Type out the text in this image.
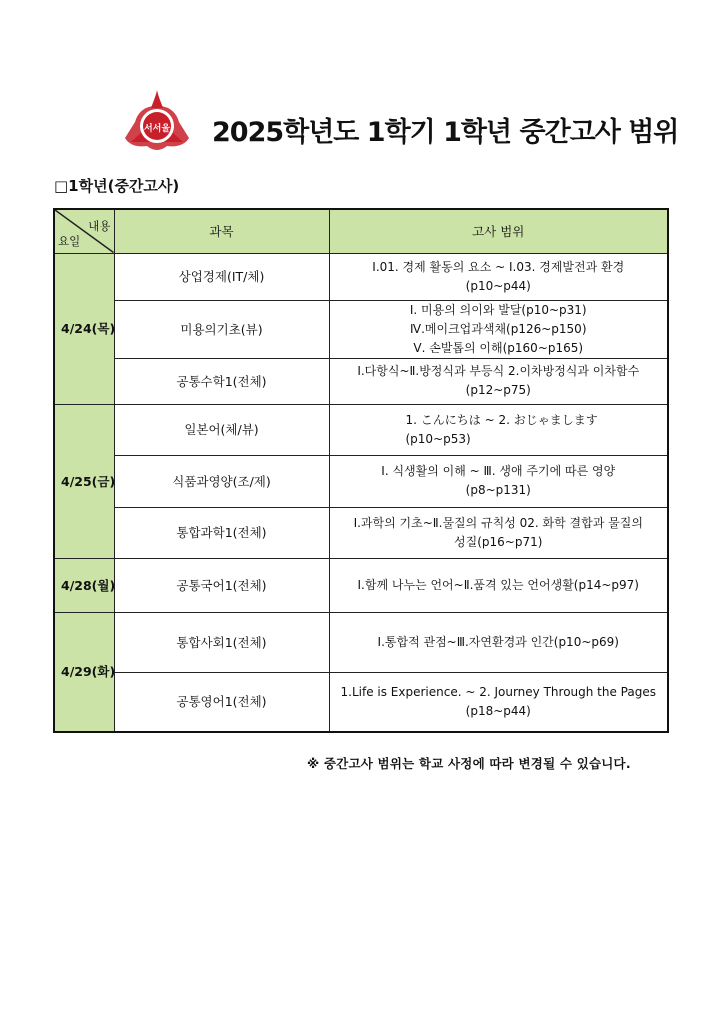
서서울 2025학년도 1학기 1학년 중간고사 범위
□1학년(중간고사)
내용
요일	과목	고사 범위
4/24(목)	상업경제(IT/체)	Ⅰ.01. 경제 활동의 요소 ~ Ⅰ.03. 경제발전과 환경
(p10~p44)

	미용의기초(뷰)	Ⅰ. 미용의 의이와 발달(p10~p31)
Ⅳ.메이크업과색채(p126~p150)
Ⅴ. 손발톱의 이해(p160~p165)

	공통수학1(전체)	Ⅰ.다항식~Ⅱ.방정식과 부등식 2.이차방정식과 이차함수
(p12~p75)

4/25(금)	일본어(체/뷰)	1. こんにちは ~ 2. おじゃまします (p10~p53)

	식품과영양(조/제)	Ⅰ. 식생활의 이해 ~ Ⅲ. 생애 주기에 따른 영양
(p8~p131)

	통합과학1(전체)	Ⅰ.과학의 기초~Ⅱ.물질의 규칙성 02. 화학 결합과 물질의
성질(p16~p71)

4/28(월)	공통국어1(전체)	Ⅰ.함께 나누는 언어~Ⅱ.품격 있는 언어생활(p14~p97)

4/29(화)	통합사회1(전체)	Ⅰ.통합적 관점~Ⅲ.자연환경과 인간(p10~p69)

	공통영어1(전체)	1.Life is Experience. ~ 2. Journey Through the Pages
(p18~p44)
※ 중간고사 범위는 학교 사정에 따라 변경될 수 있습니다.
